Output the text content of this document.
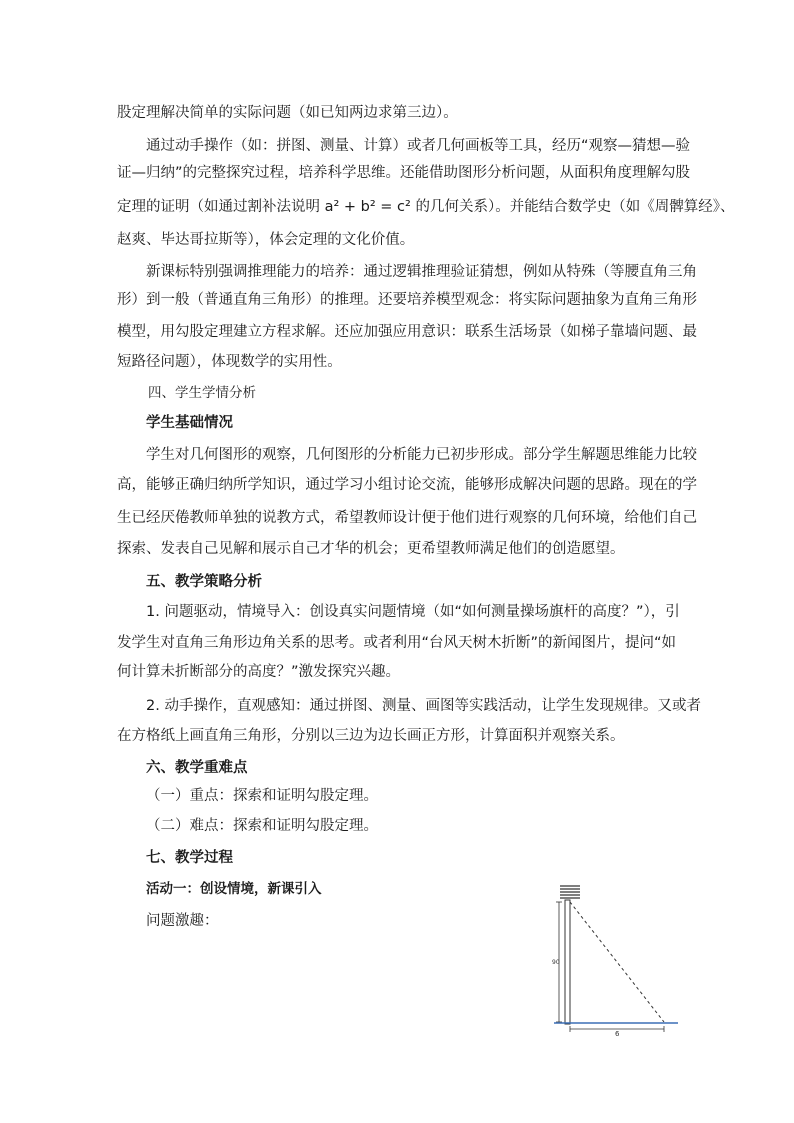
股定理解决简单的实际问题（如已知两边求第三边）。
通过动手操作（如：拼图、测量、计算）或者几何画板等工具，经历“观察—猜想—验
证—归纳”的完整探究过程，培养科学思维。还能借助图形分析问题，从面积角度理解勾股
定理的证明（如通过割补法说明 a² + b² = c² 的几何关系）。并能结合数学史（如《周髀算经》、
赵爽、毕达哥拉斯等），体会定理的文化价值。
新课标特别强调推理能力的培养：通过逻辑推理验证猜想，例如从特殊（等腰直角三角
形）到一般（普通直角三角形）的推理。还要培养模型观念：将实际问题抽象为直角三角形
模型，用勾股定理建立方程求解。还应加强应用意识：联系生活场景（如梯子靠墙问题、最
短路径问题），体现数学的实用性。
四、学生学情分析
学生基础情况
学生对几何图形的观察，几何图形的分析能力已初步形成。部分学生解题思维能力比较
高，能够正确归纳所学知识，通过学习小组讨论交流，能够形成解决问题的思路。现在的学
生已经厌倦教师单独的说教方式，希望教师设计便于他们进行观察的几何环境，给他们自己
探索、发表自己见解和展示自己才华的机会；更希望教师满足他们的创造愿望。
五、教学策略分析
1. 问题驱动，情境导入：创设真实问题情境（如“如何测量操场旗杆的高度？”），引
发学生对直角三角形边角关系的思考。或者利用“台风天树木折断”的新闻图片，提问“如
何计算未折断部分的高度？”激发探究兴趣。
2. 动手操作，直观感知：通过拼图、测量、画图等实践活动，让学生发现规律。又或者
在方格纸上画直角三角形，分别以三边为边长画正方形，计算面积并观察关系。
六、教学重难点
（一）重点：探索和证明勾股定理。
（二）难点：探索和证明勾股定理。
七、教学过程
活动一：创设情境，新课引入
问题激趣：
90
6
